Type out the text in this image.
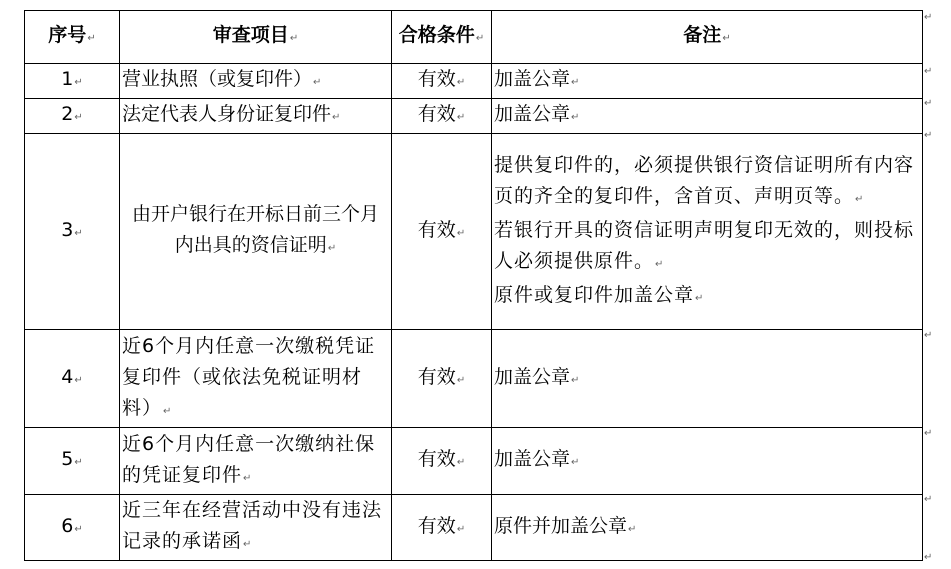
序号↵	审查项目↵	合格条件↵	备注↵
1↵	营业执照（或复印件）↵	有效↵	加盖公章↵
2↵	法定代表人身份证复印件↵	有效↵	加盖公章↵
3↵	由开户银行在开标日前三个月内出具的资信证明↵	有效↵	提供复印件的，必须提供银行资信证明所有内容页的齐全的复印件，含首页、声明页等。↵
若银行开具的资信证明声明复印无效的，则投标人必须提供原件。↵
原件或复印件加盖公章↵

4↵	近6个月内任意一次缴税凭证复印件（或依法免税证明材料）↵	有效↵	加盖公章↵
5↵	近6个月内任意一次缴纳社保的凭证复印件↵	有效↵	加盖公章↵
6↵	近三年在经营活动中没有违法记录的承诺函↵	有效↵	原件并加盖公章↵
↵
↵
↵
↵
↵
↵
↵
↵
